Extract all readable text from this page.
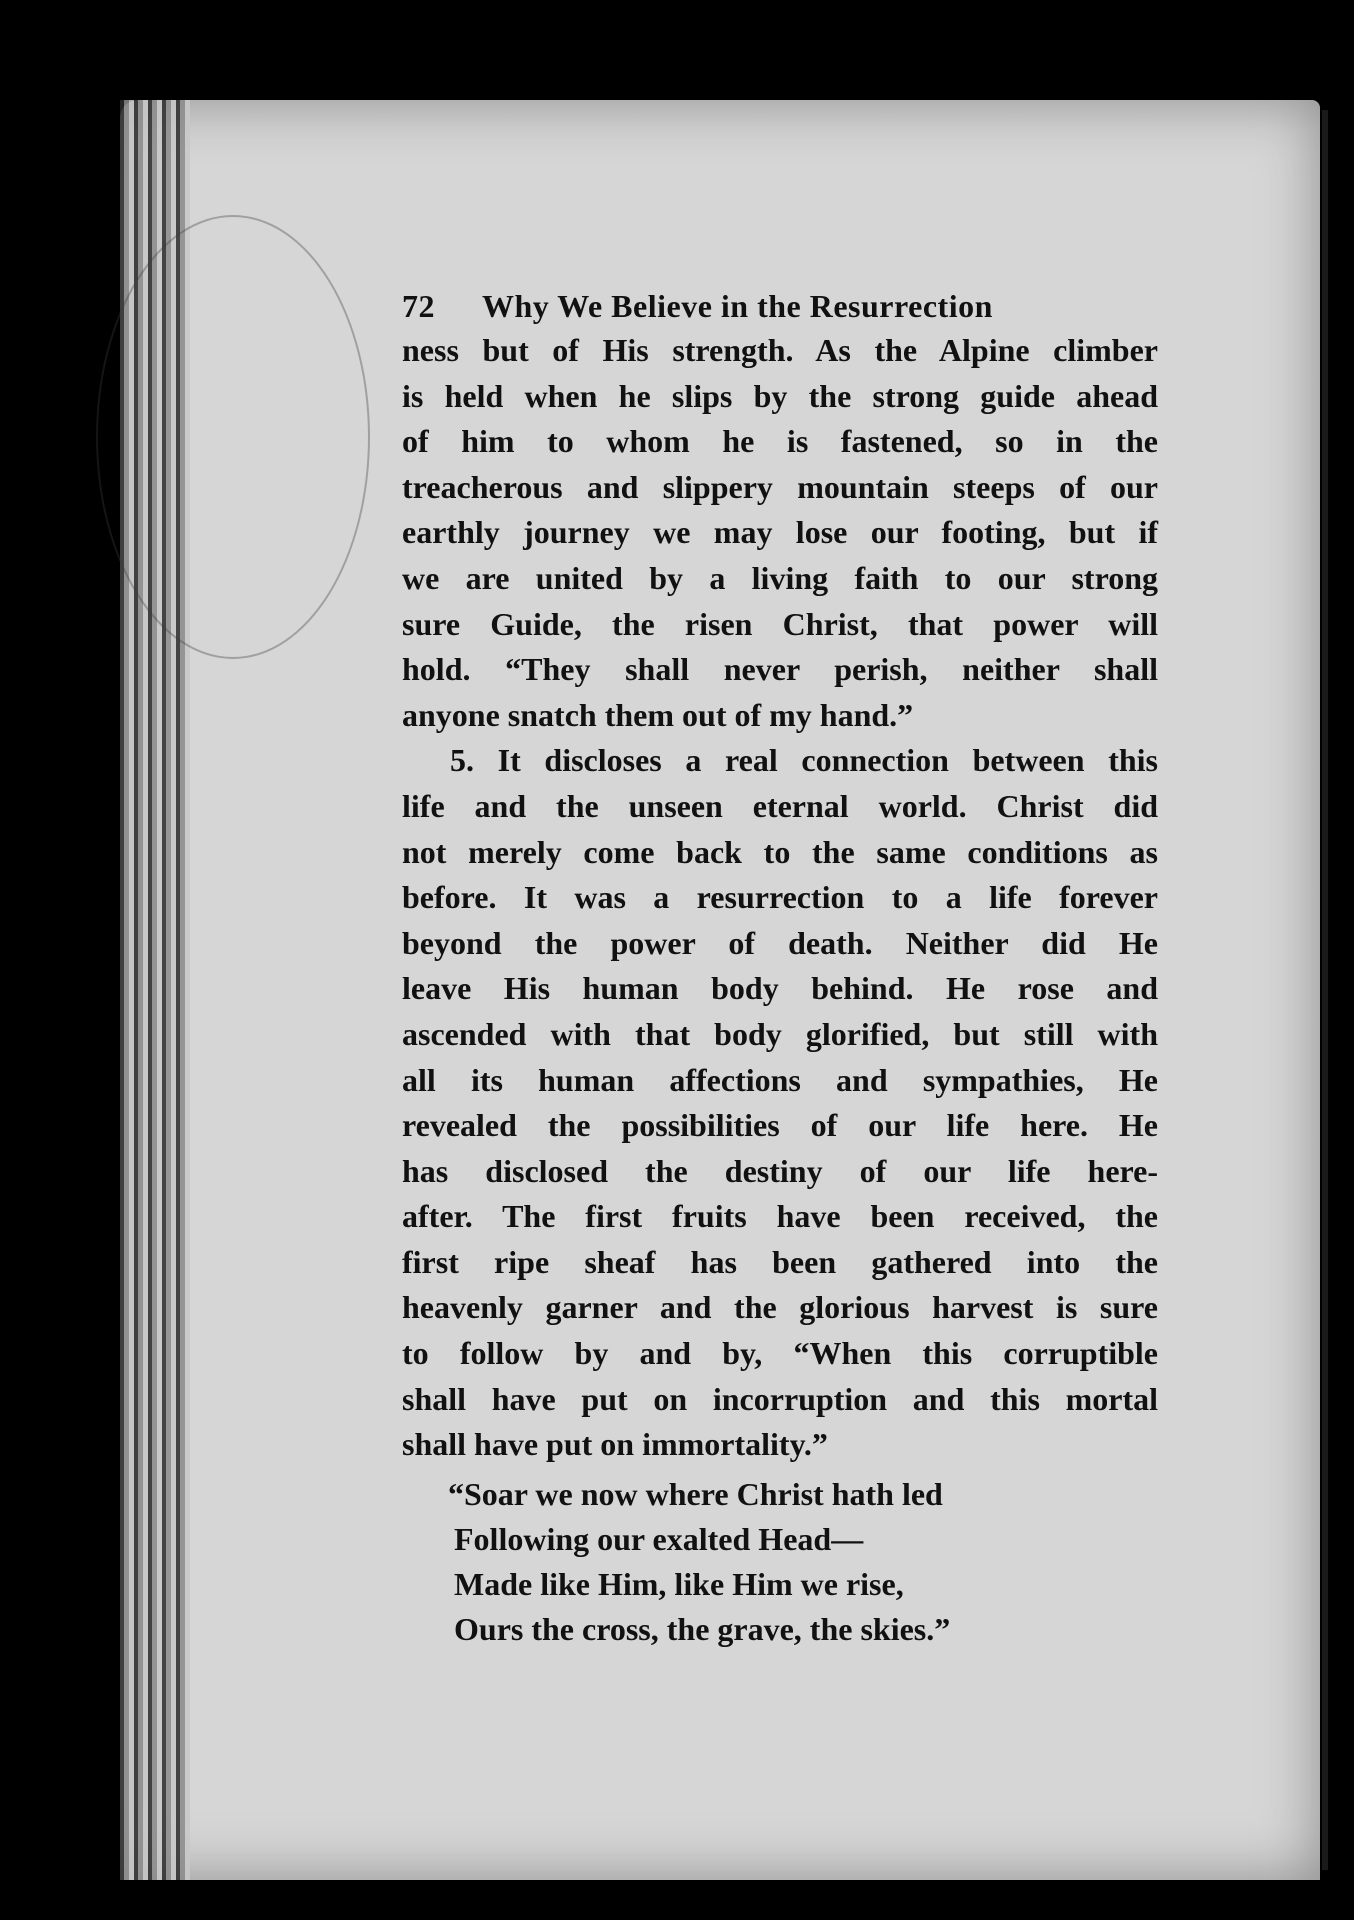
72 Why We Believe in the Resurrection
ness but of His strength. As the Alpine climber
is held when he slips by the strong guide ahead
of him to whom he is fastened, so in the
treacherous and slippery mountain steeps of our
earthly journey we may lose our footing, but if
we are united by a living faith to our strong
sure Guide, the risen Christ, that power will
hold. “They shall never perish, neither shall
anyone snatch them out of my hand.”
5. It discloses a real connection between this
life and the unseen eternal world. Christ did
not merely come back to the same conditions as
before. It was a resurrection to a life forever
beyond the power of death. Neither did He
leave His human body behind. He rose and
ascended with that body glorified, but still with
all its human affections and sympathies, He
revealed the possibilities of our life here. He
has disclosed the destiny of our life here-
after. The first fruits have been received, the
first ripe sheaf has been gathered into the
heavenly garner and the glorious harvest is sure
to follow by and by, “When this corruptible
shall have put on incorruption and this mortal
shall have put on immortality.”
“Soar we now where Christ hath led
Following our exalted Head—
Made like Him, like Him we rise,
Ours the cross, the grave, the skies.”
